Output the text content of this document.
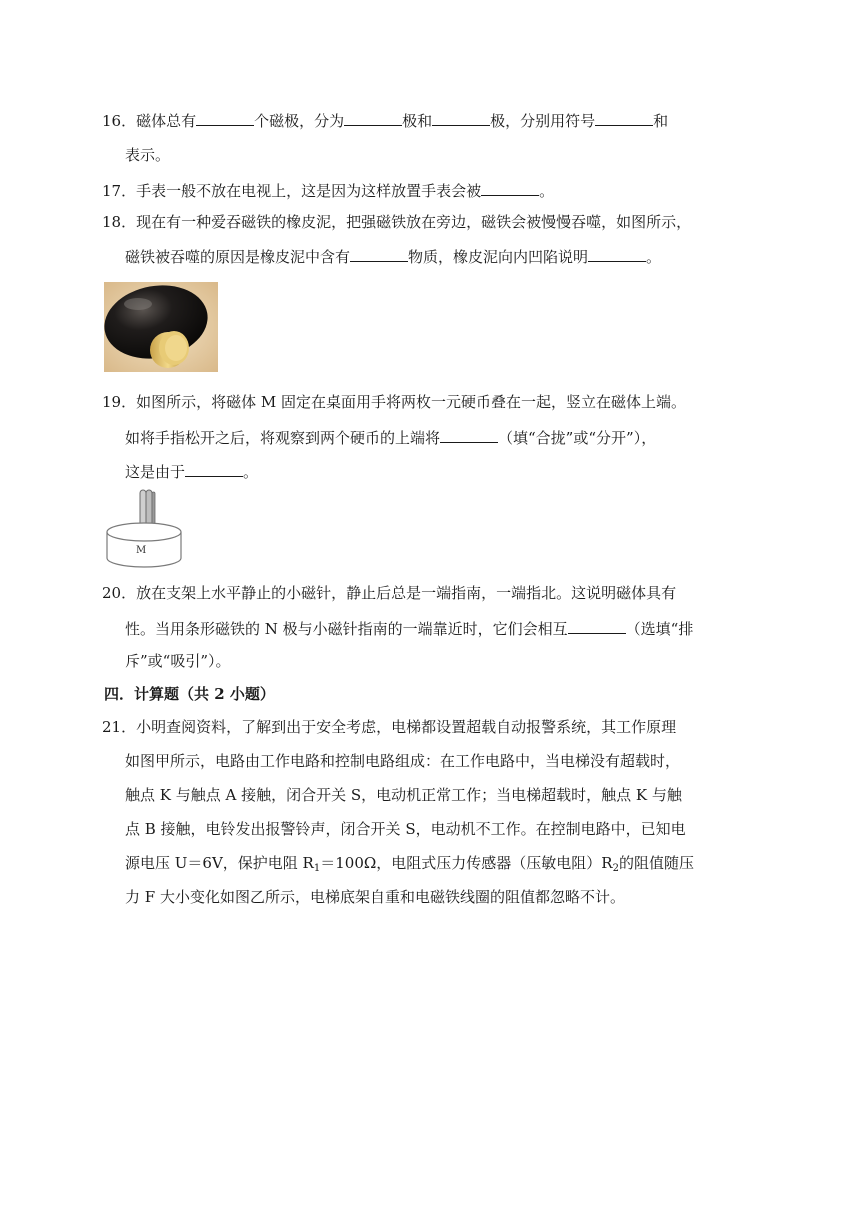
16．磁体总有	个磁极，分为	极和	极，分别用符号	和
表示。
17．手表一般不放在电视上，这是因为这样放置手表会被	。
18．现在有一种爱吞磁铁的橡皮泥，把强磁铁放在旁边，磁铁会被慢慢吞噬，如图所示，
磁铁被吞噬的原因是橡皮泥中含有	物质，橡皮泥向内凹陷说明	。
19．如图所示，将磁体 M 固定在桌面用手将两枚一元硬币叠在一起，竖立在磁体上端。
如将手指松开之后，将观察到两个硬币的上端将	（填“合拢”或“分开”），
这是由于	。
M
20．放在支架上水平静止的小磁针，静止后总是一端指南，一端指北。这说明磁体具有
性。当用条形磁铁的 N 极与小磁针指南的一端靠近时，它们会相互	（选填“排
斥”或“吸引”）。
四．计算题（共 2 小题）
21．小明查阅资料，了解到出于安全考虑，电梯都设置超载自动报警系统，其工作原理
如图甲所示，电路由工作电路和控制电路组成：在工作电路中，当电梯没有超载时，
触点 K 与触点 A 接触，闭合开关 S，电动机正常工作；当电梯超载时，触点 K 与触
点 B 接触，电铃发出报警铃声，闭合开关 S，电动机不工作。在控制电路中，已知电
源电压 U＝6V，保护电阻 $R_1=100\Omega$，电阻式压力传感器（压敏电阻）$R_2$的阻值随压
力 F 大小变化如图乙所示，电梯底架自重和电磁铁线圈的阻值都忽略不计。
